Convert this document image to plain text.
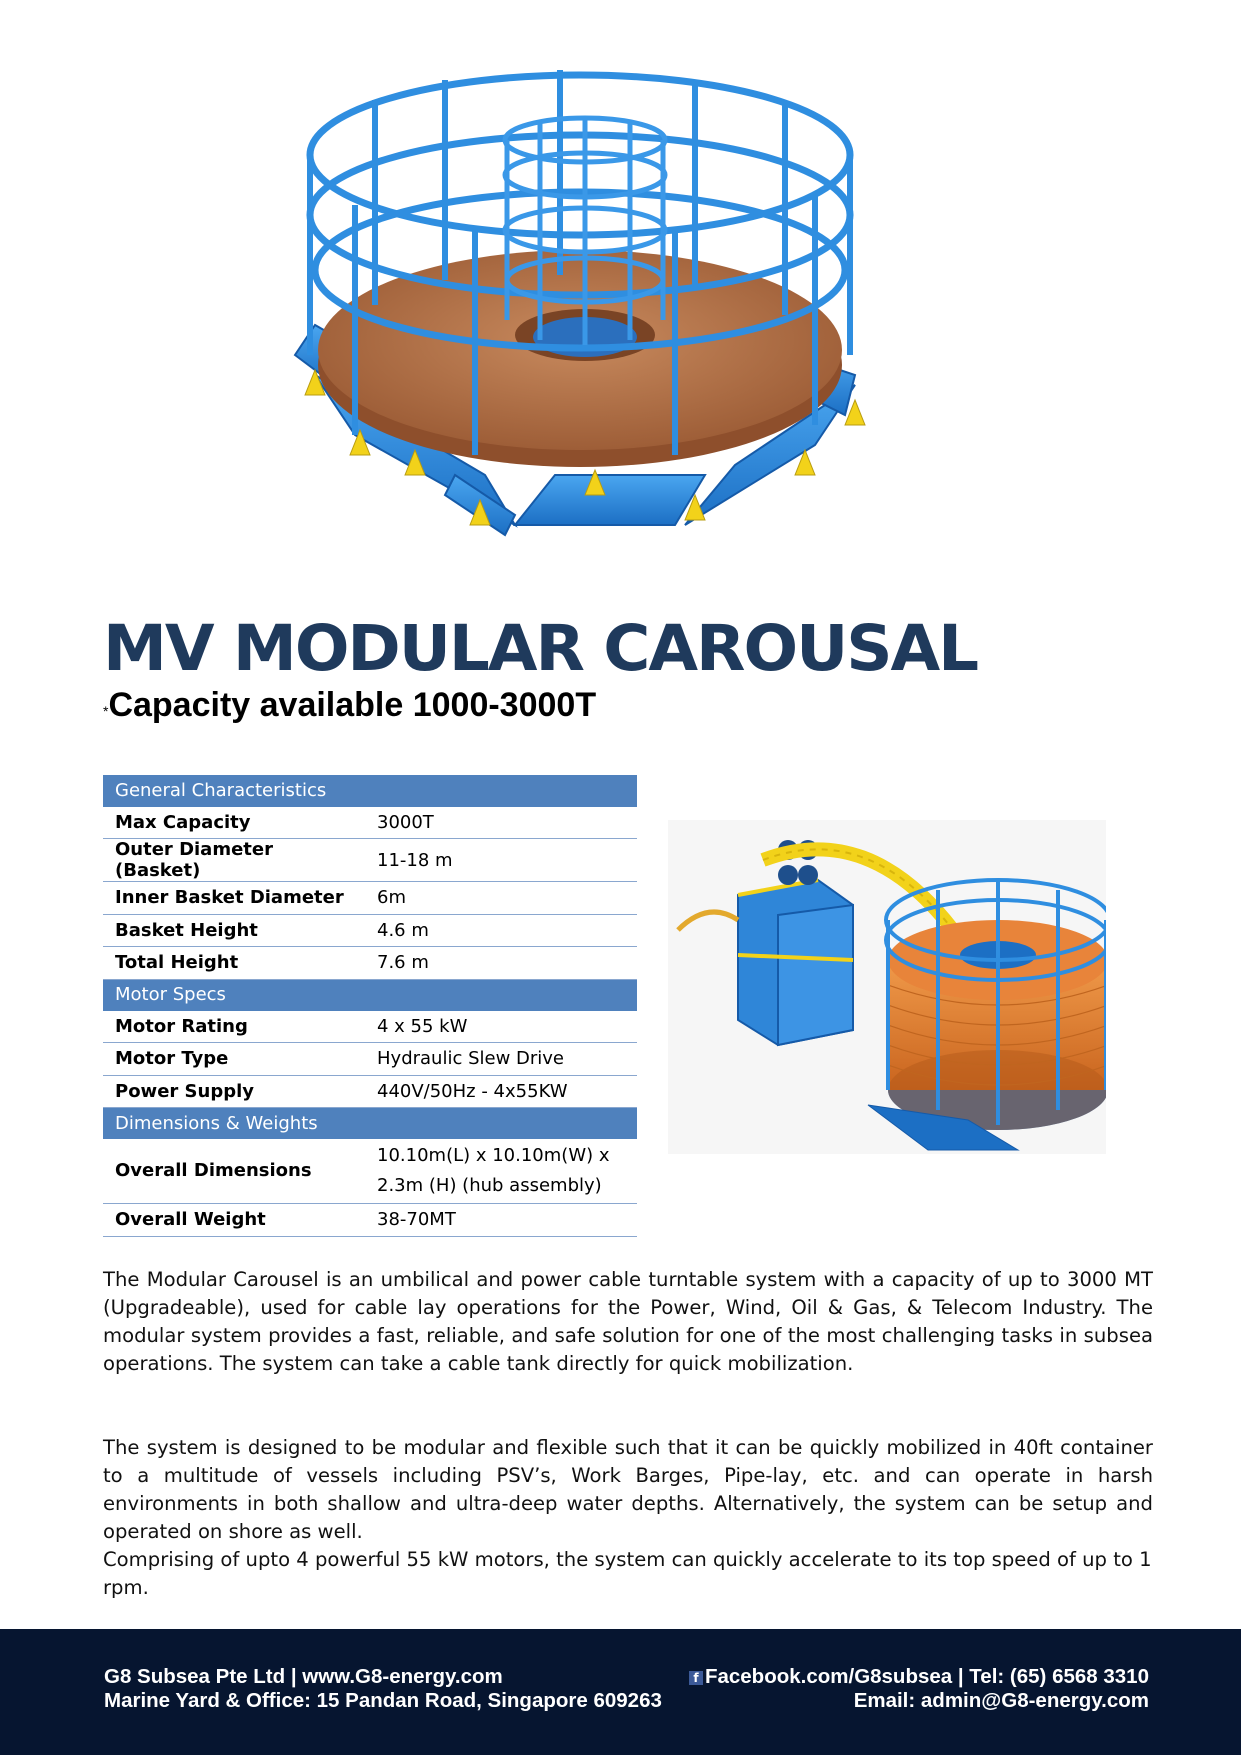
MV MODULAR CAROUSAL
*Capacity available 1000-3000T
General Characteristics	
Max Capacity	3000T
Outer Diameter (Basket)	11-18 m
Inner Basket Diameter	6m
Basket Height	4.6 m
Total Height	7.6 m
Motor Specs	
Motor Rating	4 x 55 kW
Motor Type	Hydraulic Slew Drive
Power Supply	440V/50Hz - 4x55KW
Dimensions & Weights	
Overall Dimensions	10.10m(L) x 10.10m(W) x 2.3m (H) (hub assembly)
Overall Weight	38-70MT

The Modular Carousel is an umbilical and power cable turntable system with a capacity of up to 3000 MT (Upgradeable), used for cable lay operations for the Power, Wind, Oil & Gas, & Telecom Industry. The modular system provides a fast, reliable, and safe solution for one of the most challenging tasks in subsea operations. The system can take a cable tank directly for quick mobilization.

The system is designed to be modular and flexible such that it can be quickly mobilized in 40ft container to a multitude of vessels including PSV’s, Work Barges, Pipe-lay, etc. and can operate in harsh environments in both shallow and ultra-deep water depths. Alternatively, the system can be setup and operated on shore as well.
Comprising of upto 4 powerful 55 kW motors, the system can quickly accelerate to its top speed of up to 1 rpm.

G8 Subsea Pte Ltd | www.G8-energy.com
Marine Yard & Office: 15 Pandan Road, Singapore 609263
f Facebook.com/G8subsea | Tel: (65) 6568 3310
Email: admin@G8-energy.com
